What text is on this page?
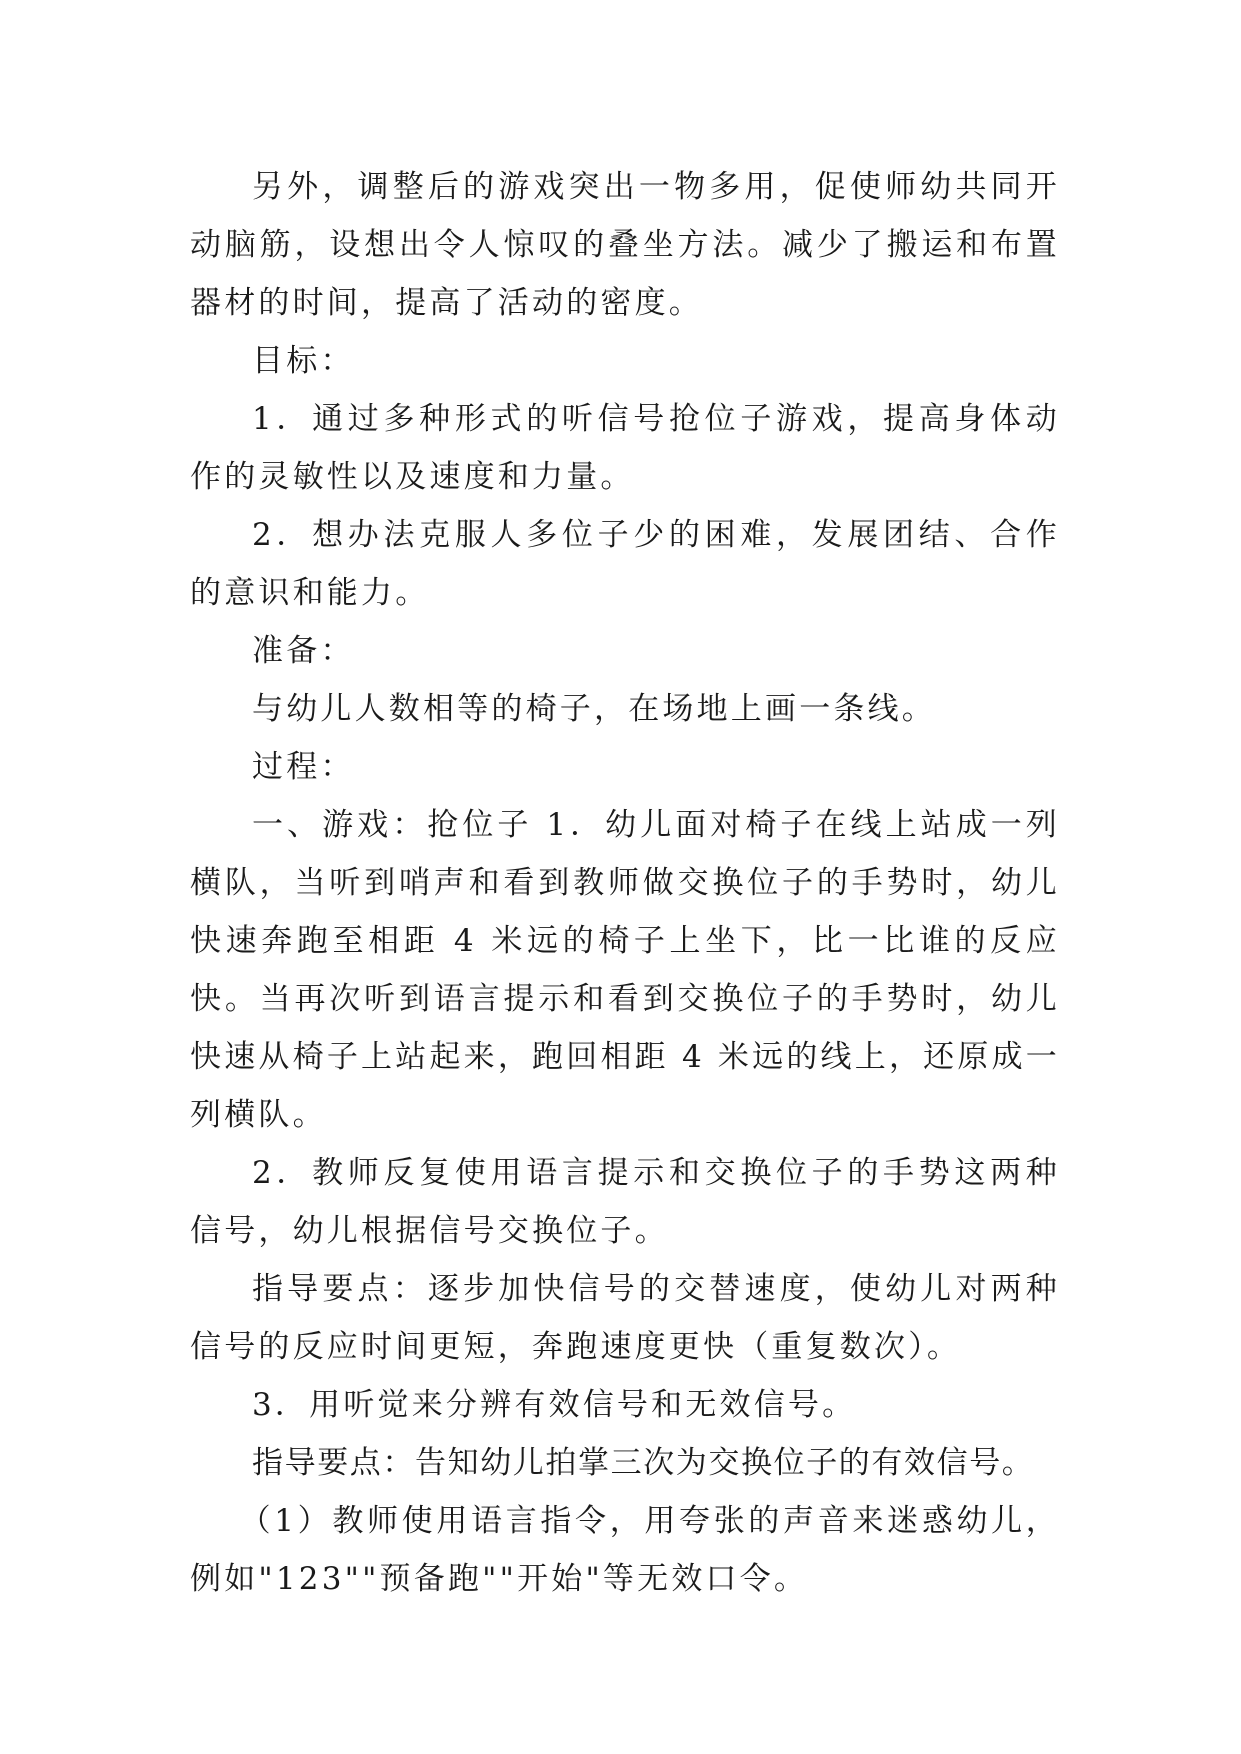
另外，调整后的游戏突出一物多用，促使师幼共同开动脑筋，设想出令人惊叹的叠坐方法。减少了搬运和布置器材的时间，提高了活动的密度。

目标：

1．通过多种形式的听信号抢位子游戏，提高身体动作的灵敏性以及速度和力量。

2．想办法克服人多位子少的困难，发展团结、合作的意识和能力。

准备：

与幼儿人数相等的椅子，在场地上画一条线。

过程：

一、游戏：抢位子 1．幼儿面对椅子在线上站成一列横队，当听到哨声和看到教师做交换位子的手势时，幼儿快速奔跑至相距 4 米远的椅子上坐下，比一比谁的反应快。当再次听到语言提示和看到交换位子的手势时，幼儿快速从椅子上站起来，跑回相距 4 米远的线上，还原成一列横队。

2．教师反复使用语言提示和交换位子的手势这两种信号，幼儿根据信号交换位子。

指导要点：逐步加快信号的交替速度，使幼儿对两种信号的反应时间更短，奔跑速度更快（重复数次）。

3．用听觉来分辨有效信号和无效信号。

指导要点：告知幼儿拍掌三次为交换位子的有效信号。

（1）教师使用语言指令，用夸张的声音来迷惑幼儿，例如"123""预备跑""开始"等无效口令。
